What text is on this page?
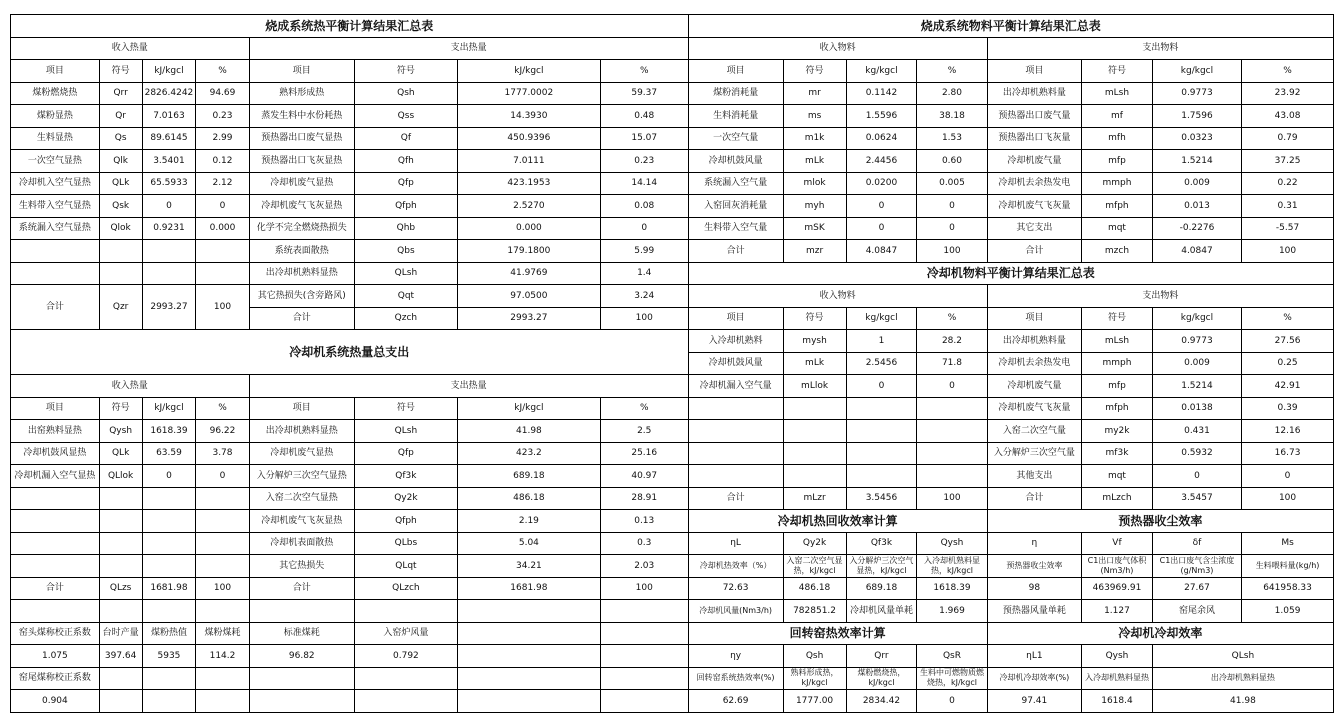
烧成系统热平衡计算结果汇总表								烧成系统物料平衡计算结果汇总表							
收入热量				支出热量				收入物料				支出物料			
项目	符号	kJ/kgcl	%	项目	符号	kJ/kgcl	%	项目	符号	kg/kgcl	%	项目	符号	kg/kgcl	%
煤粉燃烧热	Qrr	2826.4242	94.69	熟料形成热	Qsh	1777.0002	59.37	煤粉消耗量	mr	0.1142	2.80	出冷却机熟料量	mLsh	0.9773	23.92
煤粉显热	Qr	7.0163	0.23	蒸发生料中水份耗热	Qss	14.3930	0.48	生料消耗量	ms	1.5596	38.18	预热器出口废气量	mf	1.7596	43.08
生料显热	Qs	89.6145	2.99	预热器出口废气显热	Qf	450.9396	15.07	一次空气量	m1k	0.0624	1.53	预热器出口飞灰量	mfh	0.0323	0.79
一次空气显热	Qlk	3.5401	0.12	预热器出口飞灰显热	Qfh	7.0111	0.23	冷却机鼓风量	mLk	2.4456	0.60	冷却机废气量	mfp	1.5214	37.25
冷却机入空气显热	QLk	65.5933	2.12	冷却机废气显热	Qfp	423.1953	14.14	系统漏入空气量	mlok	0.0200	0.005	冷却机去余热发电	mmph	0.009	0.22
生料带入空气显热	Qsk	0	0	冷却机废气飞灰显热	Qfph	2.5270	0.08	入窑回灰消耗量	myh	0	0	冷却机废气飞灰量	mfph	0.013	0.31
系统漏入空气显热	Qlok	0.9231	0.000	化学不完全燃烧热损失	Qhb	0.000	0	生料带入空气量	mSK	0	0	其它支出	mqt	-0.2276	-5.57
				系统表面散热	Qbs	179.1800	5.99	合计	mzr	4.0847	100	合计	mzch	4.0847	100
				出冷却机熟料显热	QLsh	41.9769	1.4	冷却机物料平衡计算结果汇总表							
合计	Qzr	2993.27	100	其它热损失(含旁路风)	Qqt	97.0500	3.24	收入物料				支出物料			
				合计	Qzch	2993.27	100	项目	符号	kg/kgcl	%	项目	符号	kg/kgcl	%
冷却机系统热量总支出								入冷却机熟料	mysh	1	28.2	出冷却机熟料量	mLsh	0.9773	27.56
								冷却机鼓风量	mLk	2.5456	71.8	冷却机去余热发电	mmph	0.009	0.25
收入热量				支出热量				冷却机漏入空气量	mLlok	0	0	冷却机废气量	mfp	1.5214	42.91
项目	符号	kJ/kgcl	%	项目	符号	kJ/kgcl	%					冷却机废气飞灰量	mfph	0.0138	0.39
出窑熟料显热	Qysh	1618.39	96.22	出冷却机熟料显热	QLsh	41.98	2.5					入窑二次空气量	my2k	0.431	12.16
冷却机鼓风显热	QLk	63.59	3.78	冷却机废气显热	Qfp	423.2	25.16					入分解炉三次空气量	mf3k	0.5932	16.73
冷却机漏入空气显热	QLlok	0	0	入分解炉三次空气显热	Qf3k	689.18	40.97					其他支出	mqt	0	0
				入窑二次空气显热	Qy2k	486.18	28.91	合计	mLzr	3.5456	100	合计	mLzch	3.5457	100
				冷却机废气飞灰显热	Qfph	2.19	0.13	冷却机热回收效率计算				预热器收尘效率			
				冷却机表面散热	QLbs	5.04	0.3	ηL	Qy2k	Qf3k	Qysh	η	Vf	δf	Ms
				其它热损失	QLqt	34.21	2.03	冷却机热效率（%）	入窑二次空气显热，kJ/kgcl	入分解炉三次空气显热，kJ/kgcl	入冷却机熟料显热，kJ/kgcl	预热器收尘效率	C1出口废气体积(Nm3/h)	C1出口废气含尘浓度(g/Nm3)	生料喂料量(kg/h)
合计	QLzs	1681.98	100	合计	QLzch	1681.98	100	72.63	486.18	689.18	1618.39	98	463969.91	27.67	641958.33
								冷却机风量(Nm3/h)	782851.2	冷却机风量单耗	1.969	预热器风量单耗	1.127	窑尾余风	1.059
窑头煤称校正系数	台时产量	煤粉热值	煤粉煤耗	标准煤耗	入窑炉风量			回转窑热效率计算				冷却机冷却效率			
1.075	397.64	5935	114.2	96.82	0.792			ηy	Qsh	Qrr	QsR	ηL1	Qysh	QLsh	
窑尾煤称校正系数								回转窑系统热效率(%)	熟料形成热，kJ/kgcl	煤粉燃烧热，kJ/kgcl	生料中可燃物质燃烧热，kJ/kgcl	冷却机冷却效率(%)	入冷却机熟料显热	出冷却机熟料显热	
0.904								62.69	1777.00	2834.42	0	97.41	1618.4	41.98	
